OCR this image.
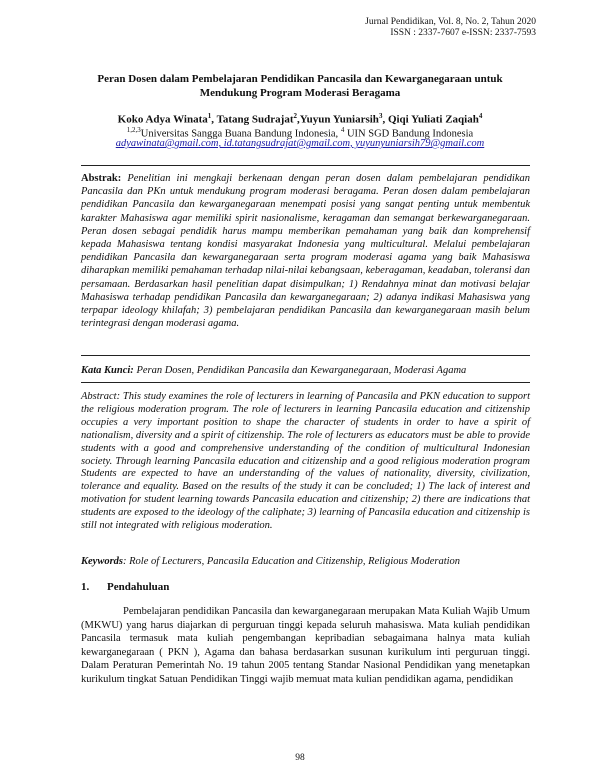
Jurnal Pendidikan, Vol. 8, No. 2, Tahun 2020
ISSN : 2337-7607 e-ISSN: 2337-7593
Peran Dosen dalam Pembelajaran Pendidikan Pancasila dan Kewarganegaraan untuk
Mendukung Program Moderasi Beragama
Koko Adya Winata$^1$, Tatang Sudrajat$^2$,Yuyun Yuniarsih$^3$, Qiqi Yuliati Zaqiah$^4$
$^{1,2,3}$Universitas Sangga Buana Bandung Indonesia, $^4$ UIN SGD Bandung Indonesia
adyawinata@gmail.com, id.tatangsudrajat@gmail.com, yuyunyuniarsih79@gmail.com

Abstrak: Penelitian ini mengkaji berkenaan dengan peran dosen dalam pembelajaran pendidikan Pancasila dan PKn untuk mendukung program moderasi beragama. Peran dosen dalam pembelajaran pendidikan Pancasila dan kewarganegaraan menempati posisi yang sangat penting untuk membentuk karakter Mahasiswa agar memiliki spirit nasionalisme, keragaman dan semangat berkewarganegaraan. Peran dosen sebagai pendidik harus mampu memberikan pemahaman yang baik dan komprehensif kepada Mahasiswa tentang kondisi masyarakat Indonesia yang multicultural. Melalui pembelajaran pendidikan Pancasila dan kewarganegaraan serta program moderasi agama yang baik Mahasiswa diharapkan memiliki pemahaman terhadap nilai-nilai kebangsaan, keberagaman, keadaban, toleransi dan persamaan. Berdasarkan hasil penelitian dapat disimpulkan; 1) Rendahnya minat dan motivasi belajar Mahasiswa terhadap pendidikan Pancasila dan kewarganegaraan; 2) adanya indikasi Mahasiswa yang terpapar ideology khilafah; 3) pembelajaran pendidikan Pancasila dan kewarganegaraan masih belum terintegrasi dengan moderasi agama.

Kata Kunci: Peran Dosen, Pendidikan Pancasila dan Kewarganegaraan, Moderasi Agama

Abstract: This study examines the role of lecturers in learning of Pancasila and PKN education to support the religious moderation program. The role of lecturers in learning Pancasila education and citizenship occupies a very important position to shape the character of students in order to have a spirit of nationalism, diversity and a spirit of citizenship. The role of lecturers as educators must be able to provide students with a good and comprehensive understanding of the condition of multicultural Indonesian society. Through learning Pancasila education and citizenship and a good religious moderation program Students are expected to have an understanding of the values of nationality, diversity, civilization, tolerance and equality. Based on the results of the study it can be concluded; 1) The lack of interest and motivation for student learning towards Pancasila education and citizenship; 2) there are indications that students are exposed to the ideology of the caliphate; 3) learning of Pancasila education and citizenship is still not integrated with religious moderation.

Keywords: Role of Lecturers, Pancasila Education and Citizenship, Religious Moderation

1. Pendahuluan

Pembelajaran pendidikan Pancasila dan kewarganegaraan merupakan Mata Kuliah Wajib Umum (MKWU) yang harus diajarkan di perguruan tinggi kepada seluruh mahasiswa. Mata kuliah pendidikan Pancasila termasuk mata kuliah pengembangan kepribadian sebagaimana halnya mata kuliah kewarganegaraan ( PKN ), Agama dan bahasa berdasarkan susunan kurikulum inti perguruan tinggi. Dalam Peraturan Pemerintah No. 19 tahun 2005 tentang Standar Nasional Pendidikan yang menetapkan kurikulum tingkat Satuan Pendidikan Tinggi wajib memuat mata kulian pendidikan agama, pendidikan

98
